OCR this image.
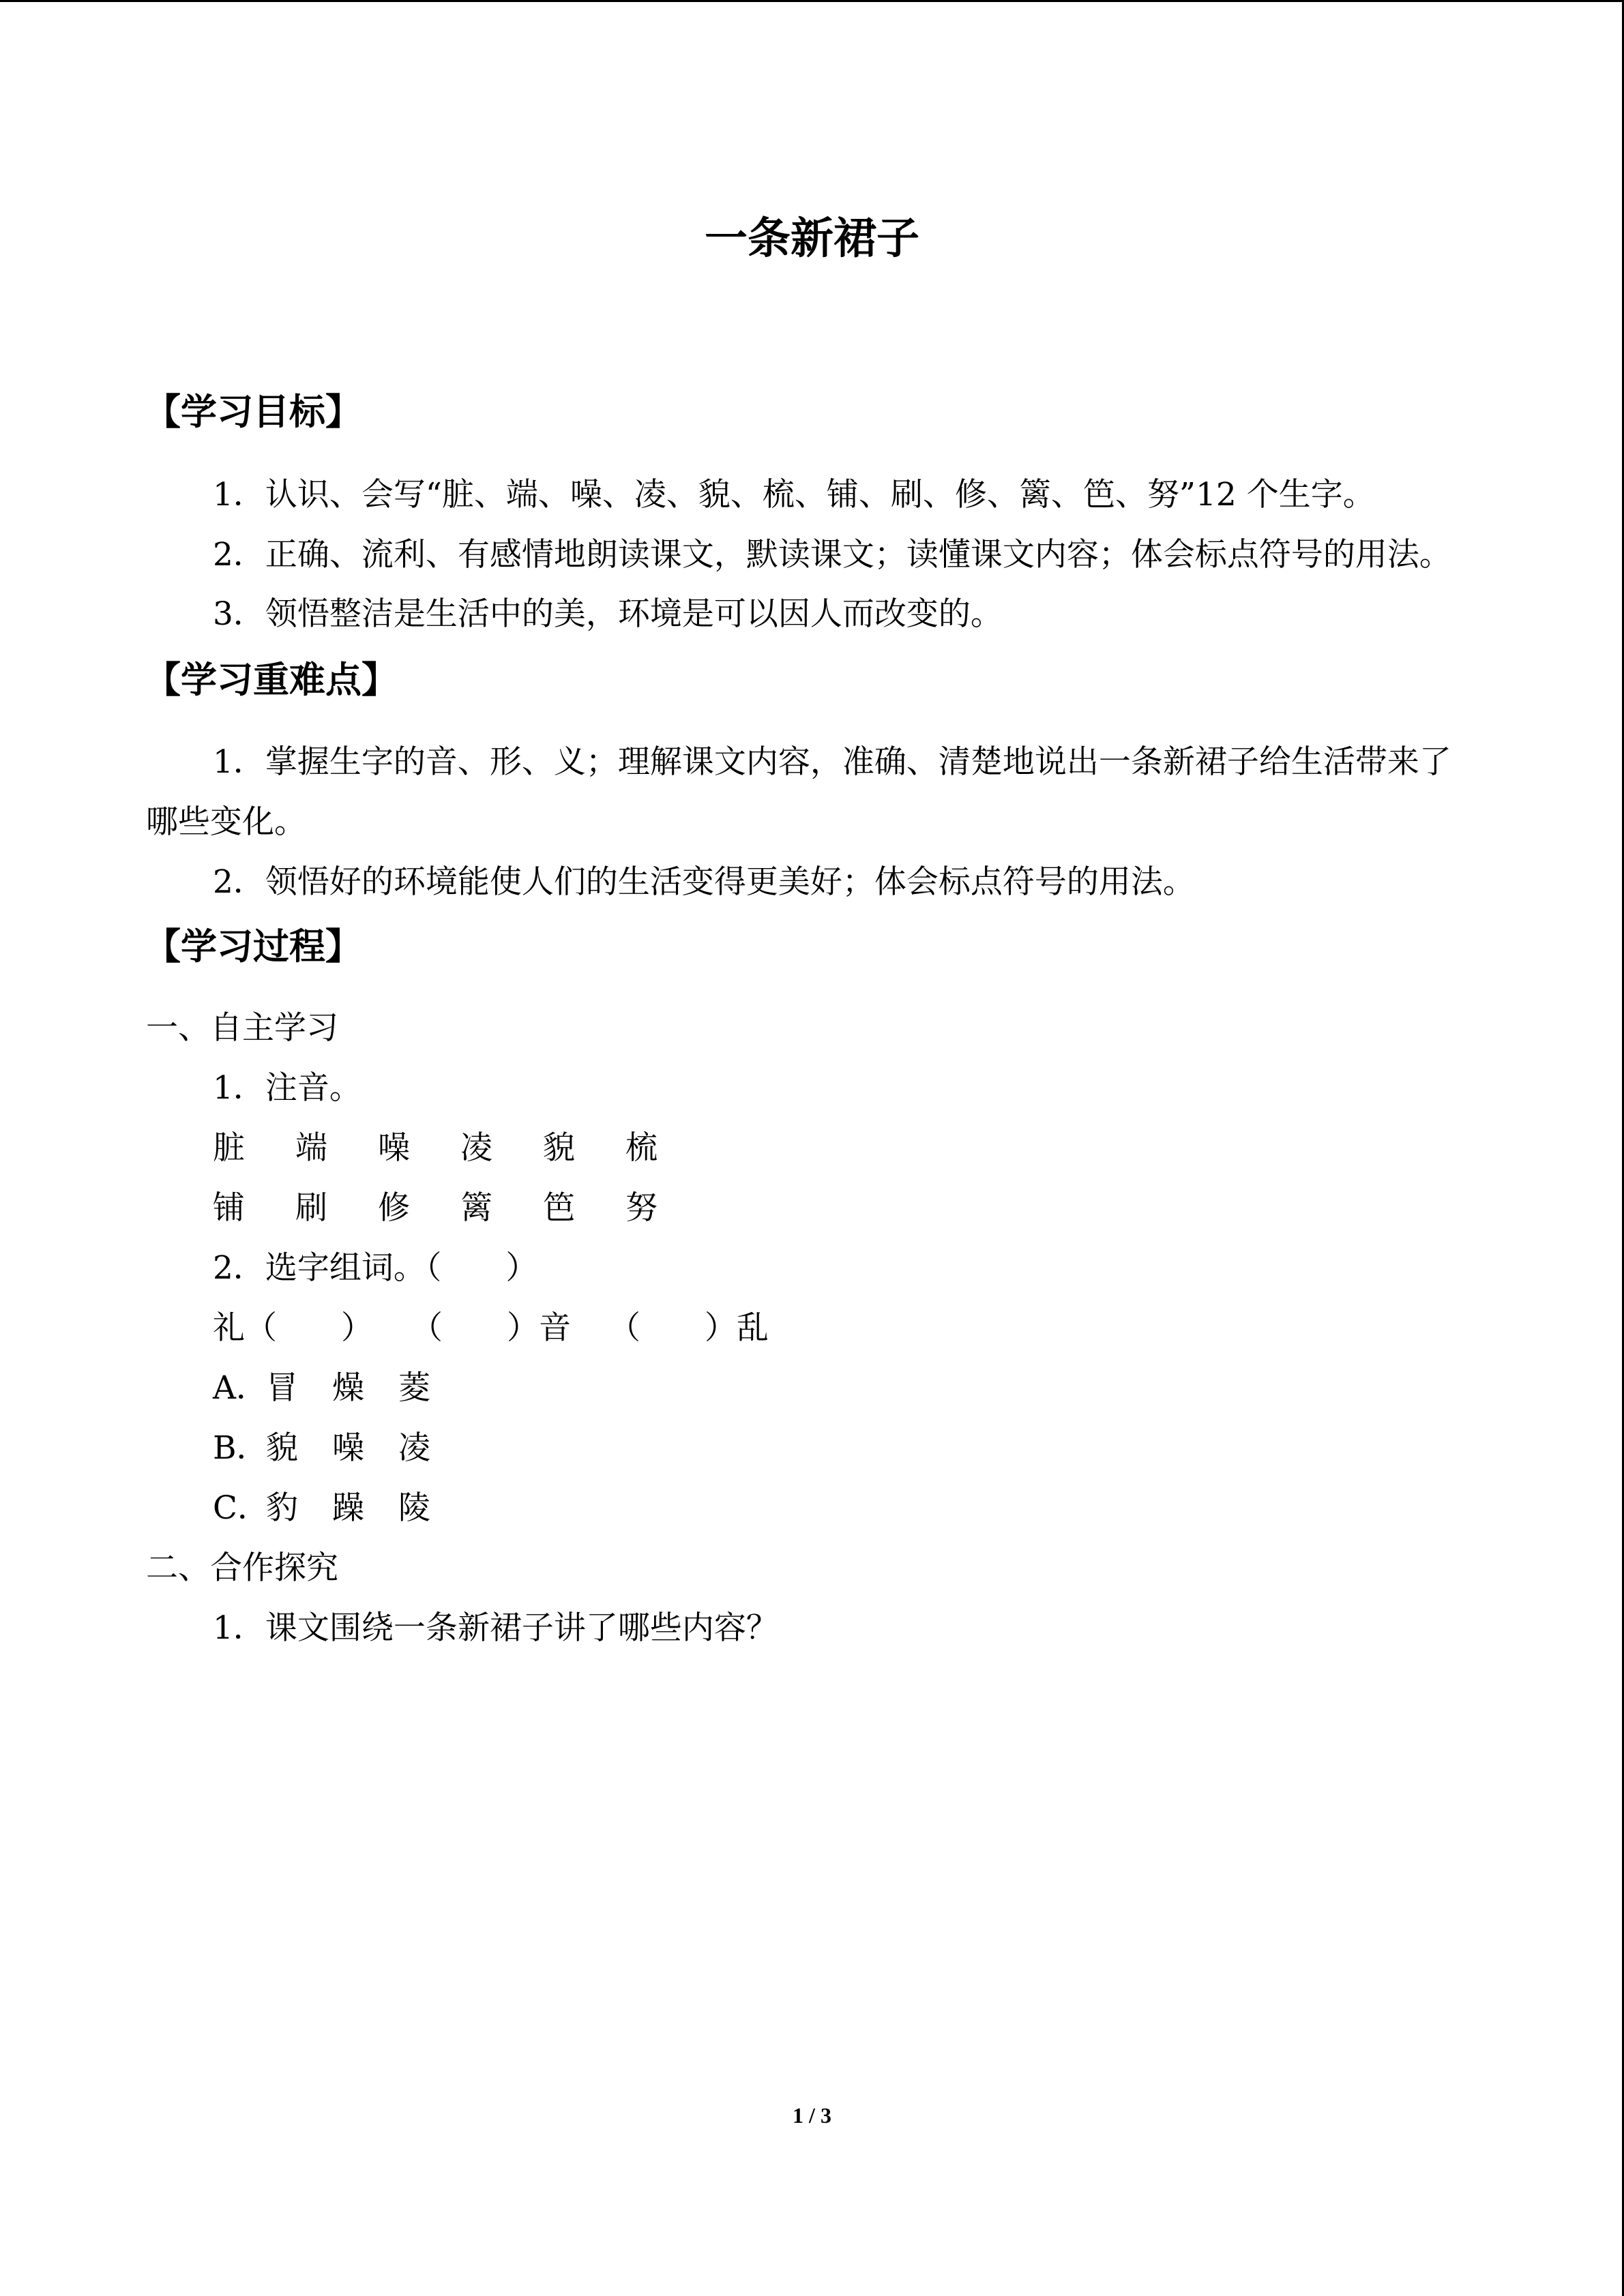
一条新裙子
【学习目标】
1．认识、会写“脏、端、噪、凌、貌、梳、铺、刷、修、篱、笆、努”12 个生字。
2．正确、流利、有感情地朗读课文，默读课文；读懂课文内容；体会标点符号的用法。
3．领悟整洁是生活中的美，环境是可以因人而改变的。
【学习重难点】
1．掌握生字的音、形、义；理解课文内容，准确、清楚地说出一条新裙子给生活带来了
哪些变化。
2．领悟好的环境能使人们的生活变得更美好；体会标点符号的用法。
【学习过程】
一、自主学习
1．注音。
脏 端 噪 凌 貌 梳
铺 刷 修 篱 笆 努
2．选字组词。（　　）
礼（　　） （　　）音 （　　）乱
A．冒 燥 菱
B．貌 噪 凌
C．豹 躁 陵
二、合作探究
1．课文围绕一条新裙子讲了哪些内容？
1 / 3
